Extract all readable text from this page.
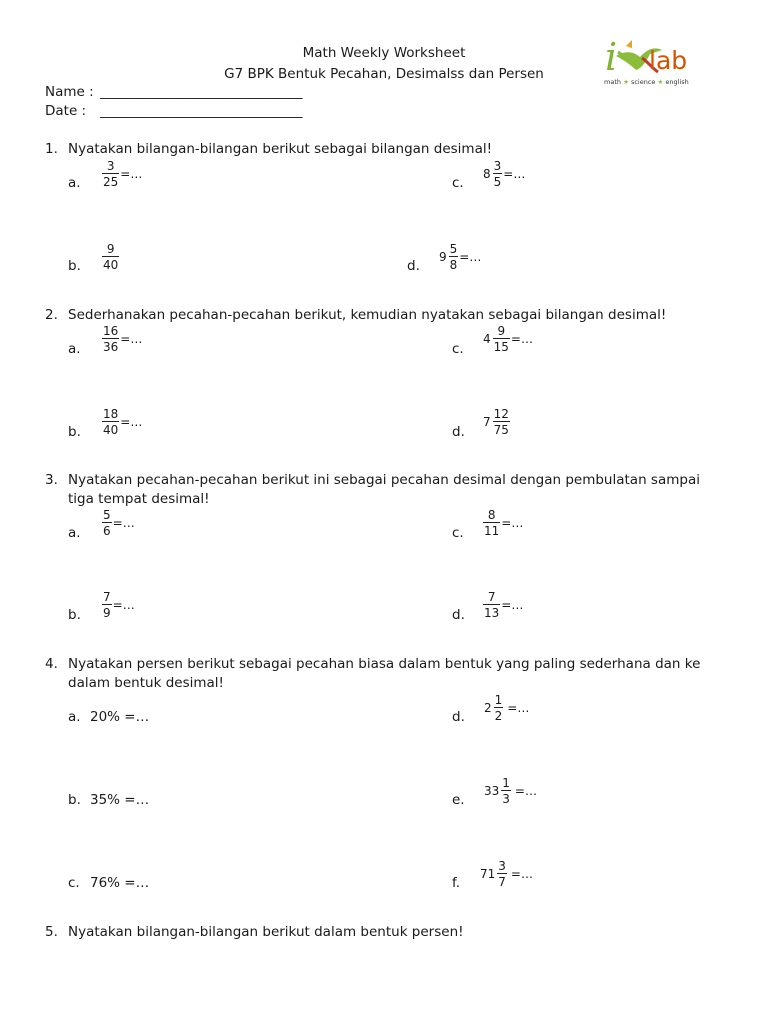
Math Weekly Worksheet
G7 BPK Bentuk Pecahan, Desimalss dan Persen
Name : ______________________________
Date : ______________________________
i lab
math ★ science ★ english
1. Nyatakan bilangan-bilangan berikut sebagai bilangan desimal!
a. $\frac{3}{25}$ =…
c.
$8 \frac{3}{5}$ =…
b. $\frac{9}{40}$	d.
$9 \frac{5}{8}$ =…
2. Sederhanakan pecahan-pecahan berikut, kemudian nyatakan sebagai bilangan desimal!
a. $\frac{16}{36}$ =…
c.
$4 \frac{9}{15}$ =…
b. $\frac{18}{40}$ =…
d.
$7 \frac{12}{75}$
3. Nyatakan pecahan-pecahan berikut ini sebagai pecahan desimal dengan pembulatan sampai
tiga tempat desimal!
a. $\frac{5}{6}$ =…
c. $\frac{8}{11}$ =…
b. $\frac{7}{9}$ =…
d. $\frac{7}{13}$ =…
4. Nyatakan persen berikut sebagai pecahan biasa dalam bentuk yang paling sederhana dan ke
dalam bentuk desimal!
a. 20% =…
b. 35% =…
c. 76% =…
d.
$2 \frac{1}{2}$ =…
e.
$33 \frac{1}{3}$ =…
f.
$71 \frac{3}{7}$ =…
5. Nyatakan bilangan-bilangan berikut dalam bentuk persen!
